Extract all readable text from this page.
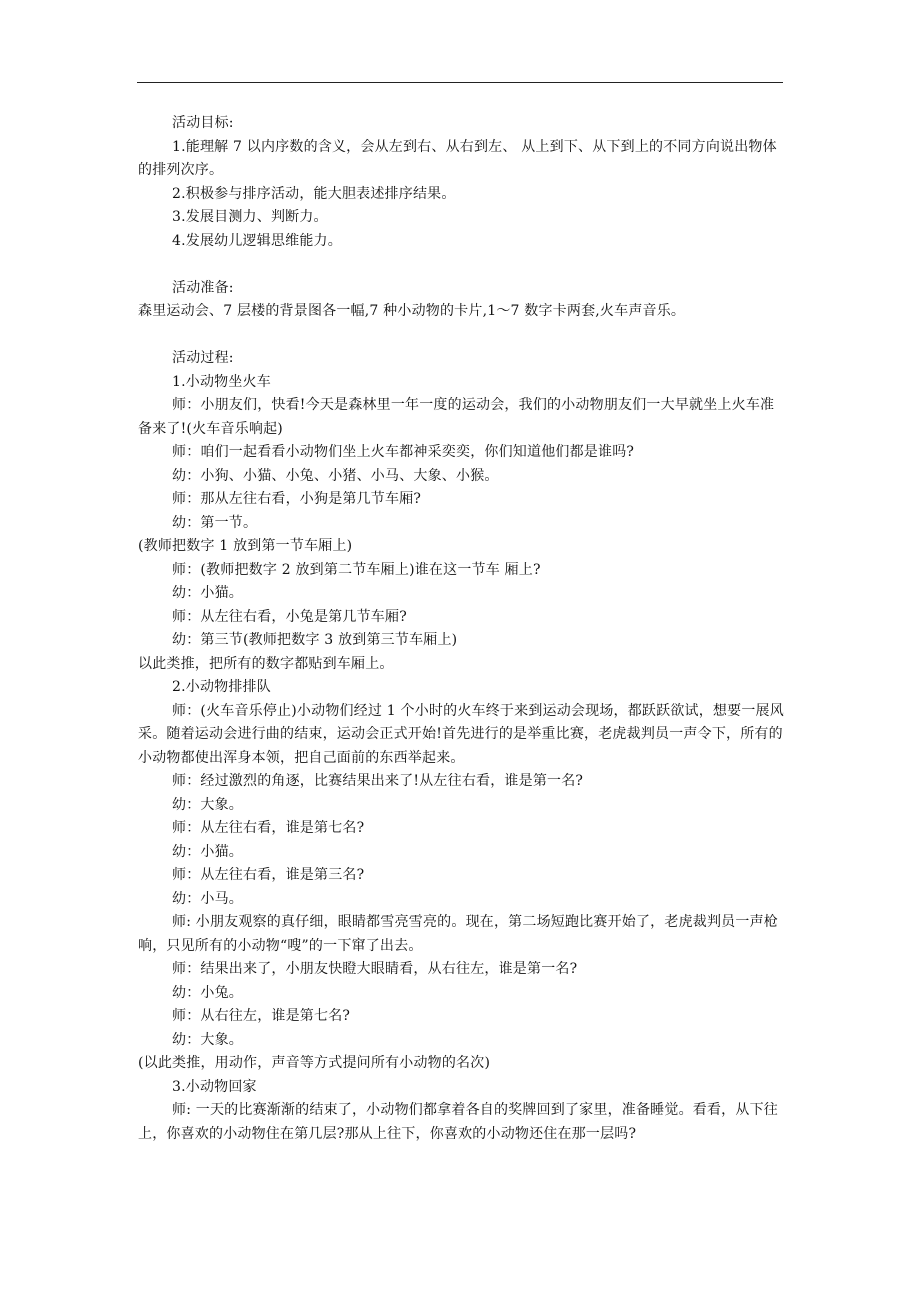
活动目标:

1.能理解 7 以内序数的含义，会从左到右、从右到左、 从上到下、从下到上的不同方向说出物体的排列次序。

2.积极参与排序活动，能大胆表述排序结果。

3.发展目测力、判断力。

4.发展幼儿逻辑思维能力。

活动准备:

森里运动会、7 层楼的背景图各一幅,7 种小动物的卡片,1～7 数字卡两套,火车声音乐。

活动过程:

1.小动物坐火车

师：小朋友们，快看!今天是森林里一年一度的运动会，我们的小动物朋友们一大早就坐上火车准备来了!(火车音乐响起)

师：咱们一起看看小动物们坐上火车都神采奕奕，你们知道他们都是谁吗?

幼：小狗、小猫、小兔、小猪、小马、大象、小猴。

师：那从左往右看，小狗是第几节车厢?

幼：第一节。

(教师把数字 1 放到第一节车厢上)

师：(教师把数字 2 放到第二节车厢上)谁在这一节车 厢上?

幼：小猫。

师：从左往右看，小兔是第几节车厢?

幼：第三节(教师把数字 3 放到第三节车厢上)

以此类推，把所有的数字都贴到车厢上。

2.小动物排排队

师：(火车音乐停止)小动物们经过 1 个小时的火车终于来到运动会现场，都跃跃欲试，想要一展风采。随着运动会进行曲的结束，运动会正式开始!首先进行的是举重比赛，老虎裁判员一声令下，所有的小动物都使出浑身本领，把自己面前的东西举起来。

师：经过激烈的角逐，比赛结果出来了!从左往右看，谁是第一名?

幼：大象。

师：从左往右看，谁是第七名?

幼：小猫。

师：从左往右看，谁是第三名?

幼：小马。

师: 小朋友观察的真仔细，眼睛都雪亮雪亮的。现在，第二场短跑比赛开始了，老虎裁判员一声枪响，只见所有的小动物“嗖”的一下窜了出去。

师：结果出来了，小朋友快瞪大眼睛看，从右往左，谁是第一名?

幼：小兔。

师：从右往左，谁是第七名?

幼：大象。

(以此类推，用动作，声音等方式提问所有小动物的名次)

3.小动物回家

师: 一天的比赛渐渐的结束了，小动物们都拿着各自的奖牌回到了家里，准备睡觉。看看，从下往上，你喜欢的小动物住在第几层?那从上往下，你喜欢的小动物还住在那一层吗?
